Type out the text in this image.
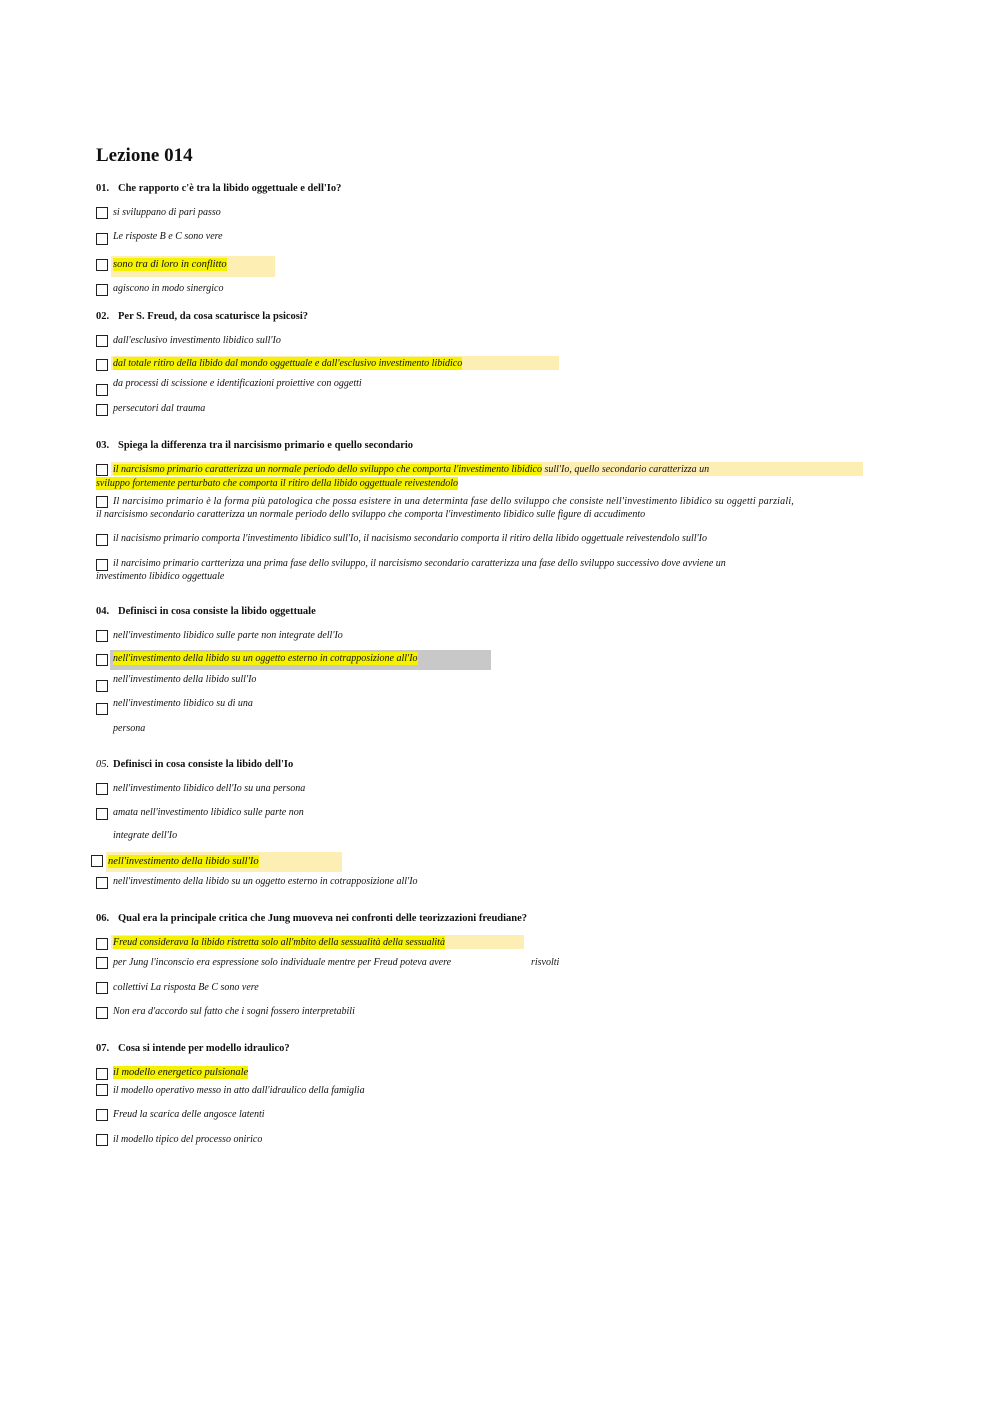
Lezione 014
01. Che rapporto c'è tra la libido oggettuale e dell'Io?
si sviluppano di pari passo
Le risposte B e C sono vere
sono tra di loro in conflitto
agiscono in modo sinergico
02. Per S. Freud, da cosa scaturisce la psicosi?
dall'esclusivo investimento libidico sull'Io
dal totale ritiro della libido dal mondo oggettuale e dall'esclusivo investimento libidico
da processi di scissione e identificazioni proiettive con oggetti
persecutori dal trauma
03. Spiega la differenza tra il narcisismo primario e quello secondario
il narcisismo primario caratterizza un normale periodo dello sviluppo che comporta l'investimento libidico sull'Io, quello secondario caratterizza un
sviluppo fortemente perturbato che comporta il ritiro della libido oggettuale reivestendolo
Il narcisimo primario è la forma più patologica che possa esistere in una determinta fase dello sviluppo che consiste nell'investimento libidico su oggetti parziali,
il narcisismo secondario caratterizza un normale periodo dello sviluppo che comporta l'investimento libidico sulle figure di accudimento
il nacisismo primario comporta l'investimento libidico sull'Io, il nacisismo secondario comporta il ritiro della libido oggettuale reivestendolo sull'Io
il narcisimo primario cartterizza una prima fase dello sviluppo, il narcisismo secondario caratterizza una fase dello sviluppo successivo dove avviene un
investimento libidico oggettuale
04. Definisci in cosa consiste la libido oggettuale
nell'investimento libidico sulle parte non integrate dell'Io
nell'investimento della libido su un oggetto esterno in cotrapposizione all'Io
nell'investimento della libido sull'Io
nell'investimento libidico su di una
persona
05. Definisci in cosa consiste la libido dell'Io
nell'investimento libidico dell'Io su una persona
amata nell'investimento libidico sulle parte non
integrate dell'Io
nell'investimento della libido sull'Io
nell'investimento della libido su un oggetto esterno in cotrapposizione all'Io
06. Qual era la principale critica che Jung muoveva nei confronti delle teorizzazioni freudiane?
Freud considerava la libido ristretta solo all'mbito della sessualità della sessualità
per Jung l'inconscio era espressione solo individuale mentre per Freud poteva avere	risvolti
collettivi La risposta Be C sono vere
Non era d'accordo sul fatto che i sogni fossero interpretabili
07. Cosa si intende per modello idraulico?
il modello energetico pulsionale
il modello operativo messo in atto dall'idraulico della famiglia
Freud la scarica delle angosce latenti
il modello tipico del processo onirico
